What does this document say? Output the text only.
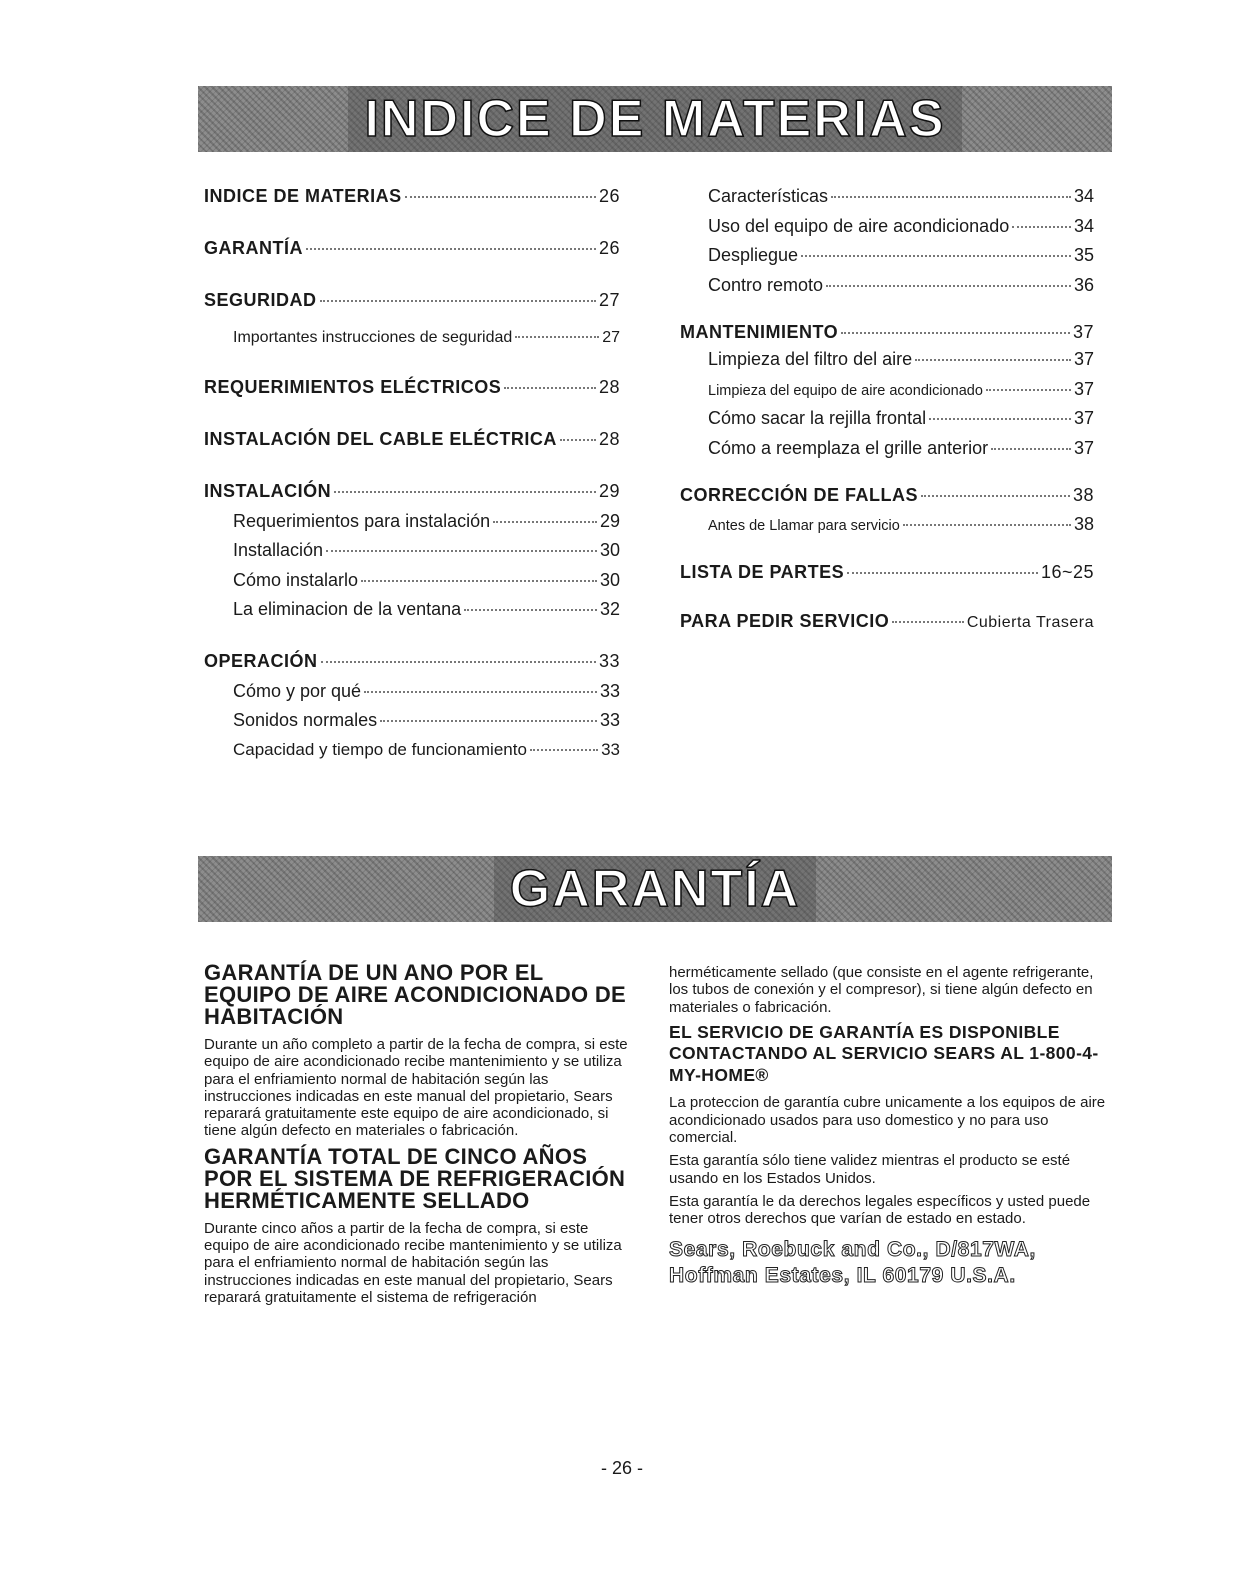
INDICE DE MATERIAS
INDICE DE MATERIAS	26
GARANTÍA	26
SEGURIDAD	27
Importantes instrucciones de seguridad	27
REQUERIMIENTOS ELÉCTRICOS	28
INSTALACIÓN DEL CABLE ELÉCTRICA 28
INSTALACIÓN	29
Requerimientos para instalación	29
Installación	30
Cómo instalarlo	30
La eliminacion de la ventana	32
OPERACIÓN	33
Cómo y por qué	33
Sonidos normales	33
Capacidad y tiempo de funcionamiento	33
Características	34
Uso del equipo de aire acondicionado	34
Despliegue	35
Contro remoto	36
MANTENIMIENTO	37
Limpieza del filtro del aire	37
Limpieza del equipo de aire acondicionado	37
Cómo sacar la rejilla frontal	37
Cómo a reemplaza el grille anterior	37
CORRECCIÓN DE FALLAS	38
Antes de Llamar para servicio	38
LISTA DE PARTES	16~25
PARA PEDIR SERVICIO	Cubierta Trasera
GARANTÍA
GARANTÍA DE UN ANO POR EL EQUIPO DE AIRE ACONDICIONADO DE HABITACIÓN

Durante un año completo a partir de la fecha de compra, si este equipo de aire acondicionado recibe mantenimiento y se utiliza para el enfriamiento normal de habitación según las instrucciones indicadas en este manual del propietario, Sears reparará gratuitamente este equipo de aire acondicionado, si tiene algún defecto en materiales o fabricación.

GARANTÍA TOTAL DE CINCO AÑOS POR EL SISTEMA DE REFRIGERACIÓN HERMÉTICAMENTE SELLADO

Durante cinco años a partir de la fecha de compra, si este equipo de aire acondicionado recibe mantenimiento y se utiliza para el enfriamiento normal de habitación según las instrucciones indicadas en este manual del propietario, Sears reparará gratuitamente el sistema de refrigeración

herméticamente sellado (que consiste en el agente refrigerante, los tubos de conexión y el compresor), si tiene algún defecto en materiales o fabricación.

EL SERVICIO DE GARANTÍA ES DISPONIBLE CONTACTANDO AL SERVICIO SEARS AL 1-800-4-MY-HOME®

La proteccion de garantía cubre unicamente a los equipos de aire acondicionado usados para uso domestico y no para uso comercial.

Esta garantía sólo tiene validez mientras el producto se esté usando en los Estados Unidos.

Esta garantía le da derechos legales específicos y usted puede tener otros derechos que varían de estado en estado.

Sears, Roebuck and Co., D/817WA,
Hoffman Estates, IL 60179 U.S.A.
- 26 -
